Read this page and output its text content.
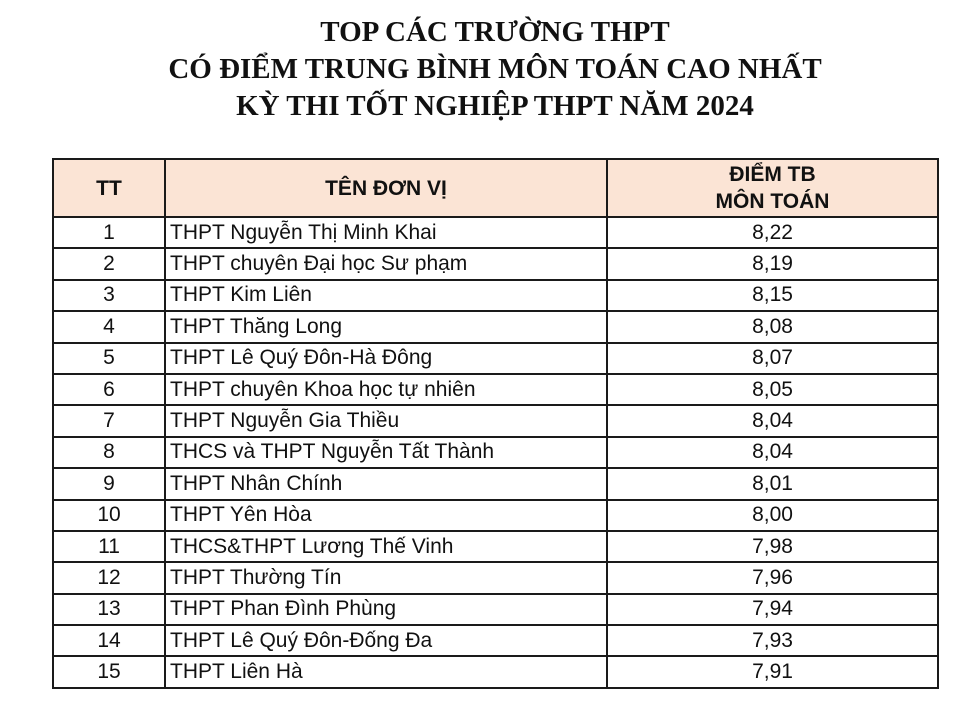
TOP CÁC TRƯỜNG THPT
CÓ ĐIỂM TRUNG BÌNH MÔN TOÁN CAO NHẤT
KỲ THI TỐT NGHIỆP THPT NĂM 2024
TT	TÊN ĐƠN VỊ	ĐIỂM TB
MÔN TOÁN

1	THPT Nguyễn Thị Minh Khai	8,22
2	THPT chuyên Đại học Sư phạm	8,19
3	THPT Kim Liên	8,15
4	THPT Thăng Long	8,08
5	THPT Lê Quý Đôn-Hà Đông	8,07
6	THPT chuyên Khoa học tự nhiên	8,05
7	THPT Nguyễn Gia Thiều	8,04
8	THCS và THPT Nguyễn Tất Thành	8,04
9	THPT Nhân Chính	8,01
10	THPT Yên Hòa	8,00
11	THCS&THPT Lương Thế Vinh	7,98
12	THPT Thường Tín	7,96
13	THPT Phan Đình Phùng	7,94
14	THPT Lê Quý Đôn-Đống Đa	7,93
15	THPT Liên Hà	7,91
